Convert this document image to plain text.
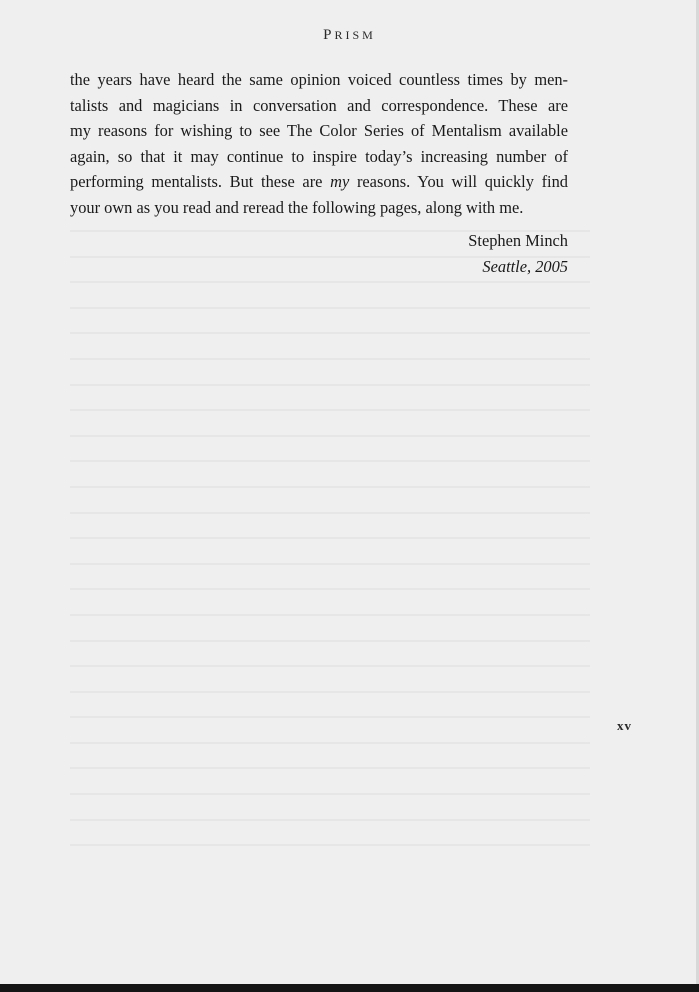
PRISM
the years have heard the same opinion voiced countless times by men-
talists and magicians in conversation and correspondence. These are
my reasons for wishing to see The Color Series of Mentalism available
again, so that it may continue to inspire today’s increasing number of
performing mentalists. But these are my reasons. You will quickly find
your own as you read and reread the following pages, along with me.
Stephen Minch
Seattle, 2005
xv
